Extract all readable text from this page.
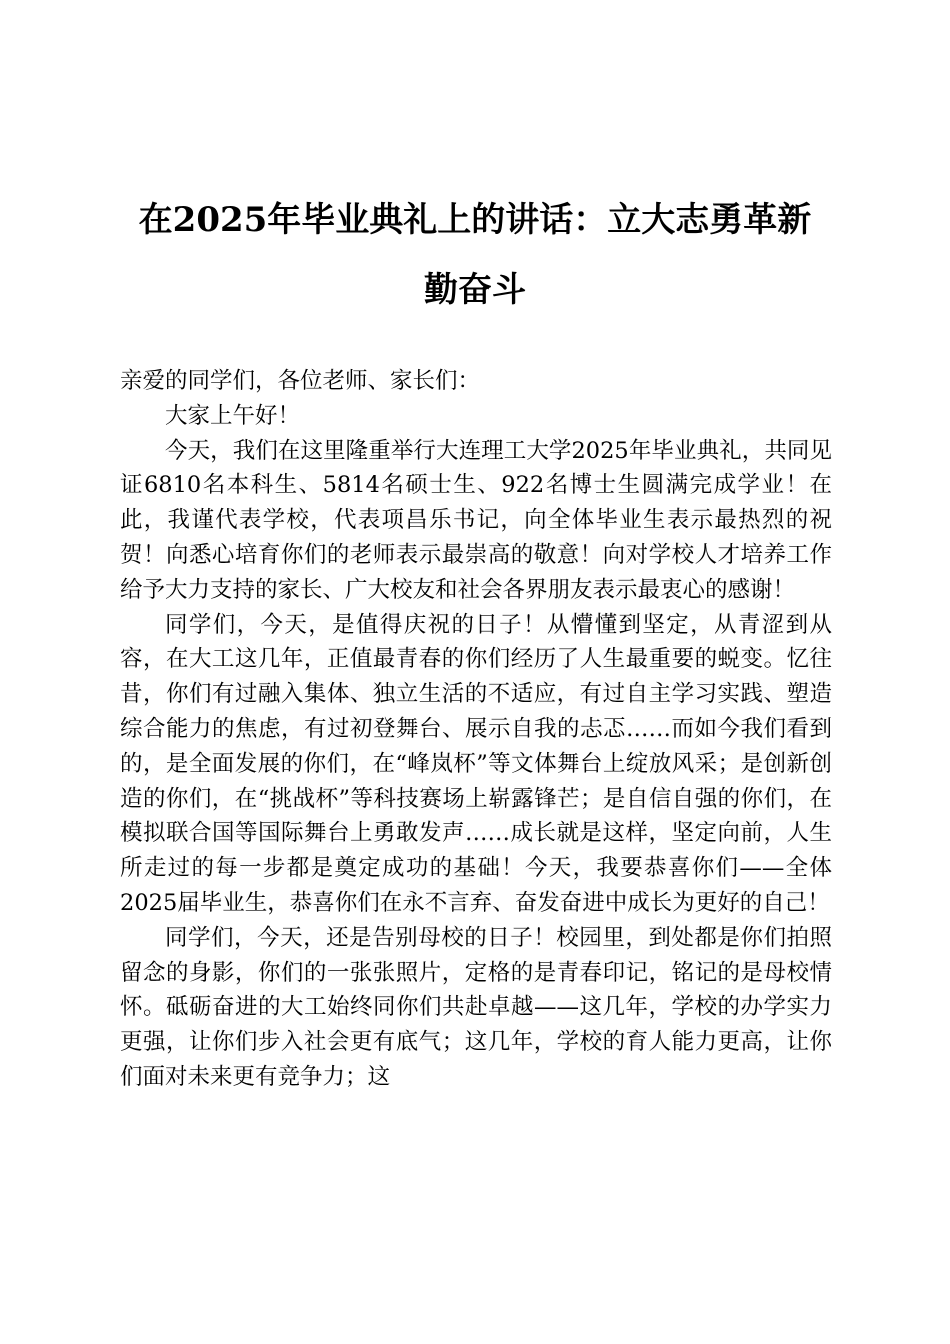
在2025年毕业典礼上的讲话：立大志勇革新
勤奋斗

亲爱的同学们，各位老师、家长们：

大家上午好！

今天，我们在这里隆重举行大连理工大学2025年毕业典礼，共同见证6810名本科生、5814名硕士生、922名博士生圆满完成学业！在此，我谨代表学校，代表项昌乐书记，向全体毕业生表示最热烈的祝贺！向悉心培育你们的老师表示最崇高的敬意！向对学校人才培养工作给予大力支持的家长、广大校友和社会各界朋友表示最衷心的感谢！

同学们，今天，是值得庆祝的日子！从懵懂到坚定，从青涩到从容，在大工这几年，正值最青春的你们经历了人生最重要的蜕变。忆往昔，你们有过融入集体、独立生活的不适应，有过自主学习实践、塑造综合能力的焦虑，有过初登舞台、展示自我的忐忑……而如今我们看到的，是全面发展的你们，在“峰岚杯”等文体舞台上绽放风采；是创新创造的你们，在“挑战杯”等科技赛场上崭露锋芒；是自信自强的你们，在模拟联合国等国际舞台上勇敢发声……成长就是这样，坚定向前，人生所走过的每一步都是奠定成功的基础！今天，我要恭喜你们——全体2025届毕业生，恭喜你们在永不言弃、奋发奋进中成长为更好的自己！

同学们，今天，还是告别母校的日子！校园里，到处都是你们拍照留念的身影，你们的一张张照片，定格的是青春印记，铭记的是母校情怀。砥砺奋进的大工始终同你们共赴卓越——这几年，学校的办学实力更强，让你们步入社会更有底气；这几年，学校的育人能力更高，让你们面对未来更有竞争力；这
